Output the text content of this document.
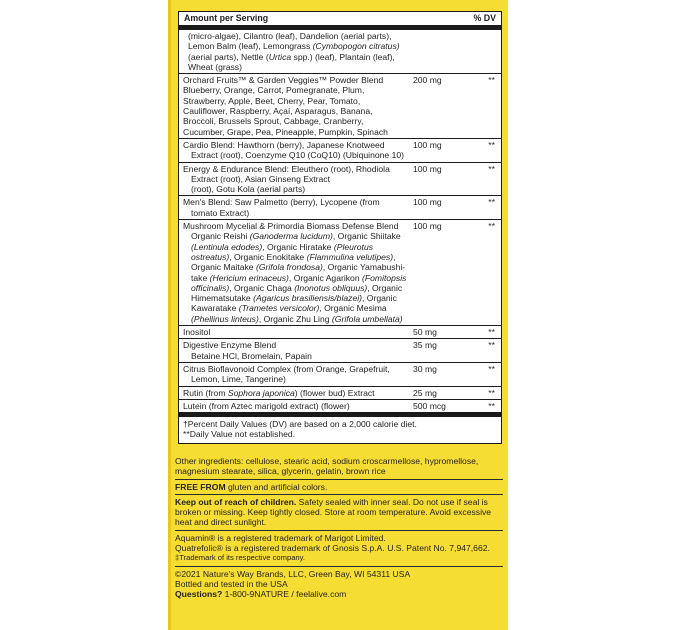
Amount per Serving	% DV
(micro-algae), Cilantro (leaf), Dandelion (aerial parts),
Lemon Balm (leaf), Lemongrass (Cymbopogon citratus)
(aerial parts), Nettle (Urtica spp.) (leaf), Plantain (leaf),
Wheat (grass)
Orchard Fruits™ & Garden Veggies™ Powder Blend
Blueberry, Orange, Carrot, Pomegranate, Plum,
Strawberry, Apple, Beet, Cherry, Pear, Tomato,
Cauliflower, Raspberry, Açaí, Asparagus, Banana,
Broccoli, Brussels Sprout, Cabbage, Cranberry,
Cucumber, Grape, Pea, Pineapple, Pumpkin, Spinach
200 mg	**
Cardio Blend: Hawthorn (berry), Japanese Knotweed
Extract (root), Coenzyme Q10 (CoQ10) (Ubiquinone 10)
100 mg	**
Energy & Endurance Blend: Eleuthero (root), Rhodiola
Extract (root), Asian Ginseng Extract
(root), Gotu Kola (aerial parts)
100 mg	**
Men's Blend: Saw Palmetto (berry), Lycopene (from
tomato Extract)
100 mg	**
Mushroom Mycelial & Primordia Biomass Defense Blend
Organic Reishi (Ganoderma lucidum), Organic Shiitake
(Lentinula edodes), Organic Hiratake (Pleurotus
ostreatus), Organic Enokitake (Flammulina velutipes),
Organic Maitake (Grifola frondosa), Organic Yamabushi-
take (Hericium erinaceus), Organic Agarikon (Fomitopsis
officinalis), Organic Chaga (Inonotus obliquus), Organic
Himematsutake (Agaricus brasiliensis/blazei), Organic
Kawaratake (Trametes versicolor), Organic Mesima
(Phellinus linteus), Organic Zhu Ling (Grifola umbellata)
100 mg	**
Inositol	50 mg	**
Digestive Enzyme Blend
Betaine HCl, Bromelain, Papain
35 mg	**
Citrus Bioflavonoid Complex (from Orange, Grapefruit,
Lemon, Lime, Tangerine)
30 mg	**
Rutin (from Sophora japonica) (flower bud) Extract	25 mg	**
Lutein (from Aztec marigold extract) (flower)	500 mcg	**
†Percent Daily Values (DV) are based on a 2,000 calorie diet.
**Daily Value not established.
Other ingredients: cellulose, stearic acid, sodium croscarmellose, hypromellose, magnesium stearate, silica, glycerin, gelatin, brown rice
FREE FROM gluten and artificial colors.
Keep out of reach of children. Safety sealed with inner seal. Do not use if seal is broken or missing. Keep tightly closed. Store at room temperature. Avoid excessive heat and direct sunlight.
Aquamin® is a registered trademark of Marigot Limited.
Quatrefolic® is a registered trademark of Gnosis S.p.A. U.S. Patent No. 7,947,662.
‡Trademark of its respective company.
©2021 Nature's Way Brands, LLC, Green Bay, WI 54311 USA
Bottled and tested in the USA
Questions? 1-800-9NATURE / feelalive.com
